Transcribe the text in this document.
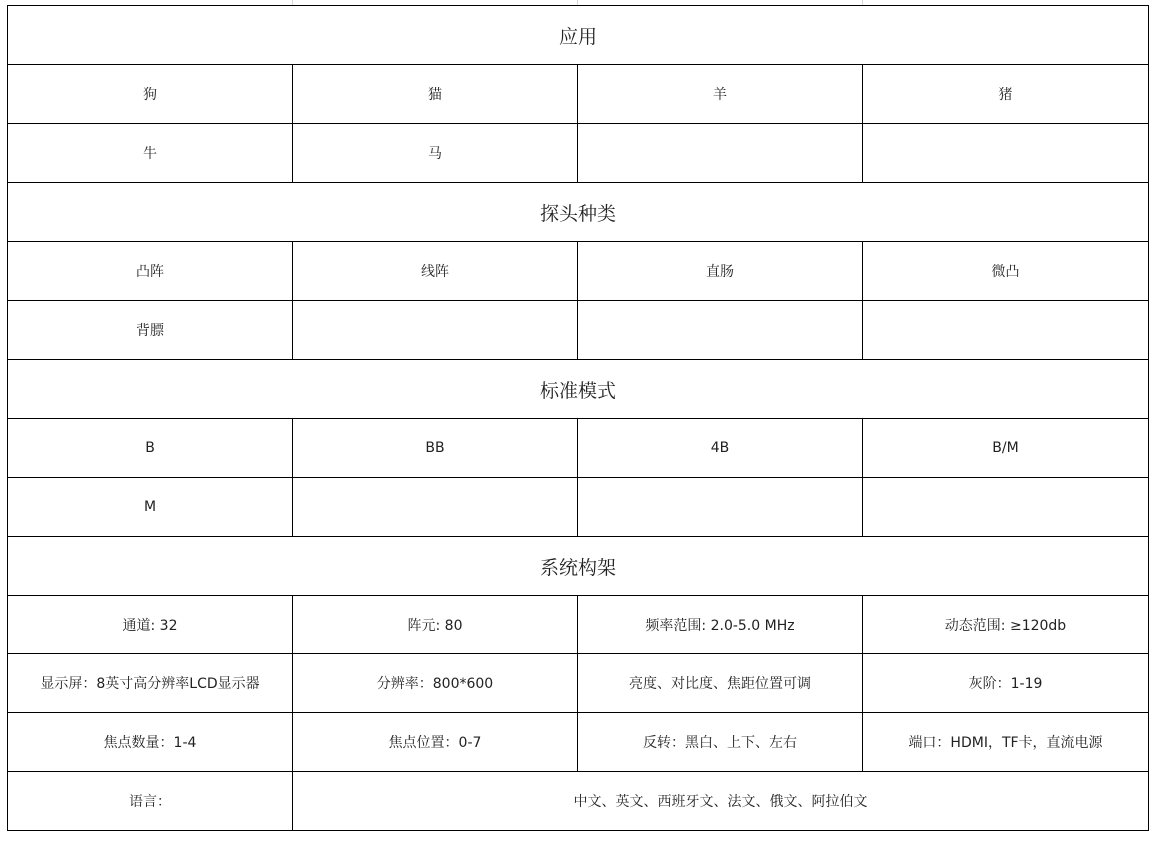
应用			
狗	猫	羊	猪
牛	马		
探头种类			
凸阵	线阵	直肠	微凸
背膘			
标准模式			
B	BB	4B	B/M
M			
系统构架			
通道: 32	阵元: 80	频率范围: 2.0-5.0 MHz	动态范围: ≥120db
显示屏：8英寸高分辨率LCD显示器	分辨率：800*600	亮度、对比度、焦距位置可调	灰阶：1-19
焦点数量：1-4	焦点位置：0-7	反转：黑白、上下、左右	端口：HDMI，TF卡，直流电源
语言：	中文、英文、西班牙文、法文、俄文、阿拉伯文		
